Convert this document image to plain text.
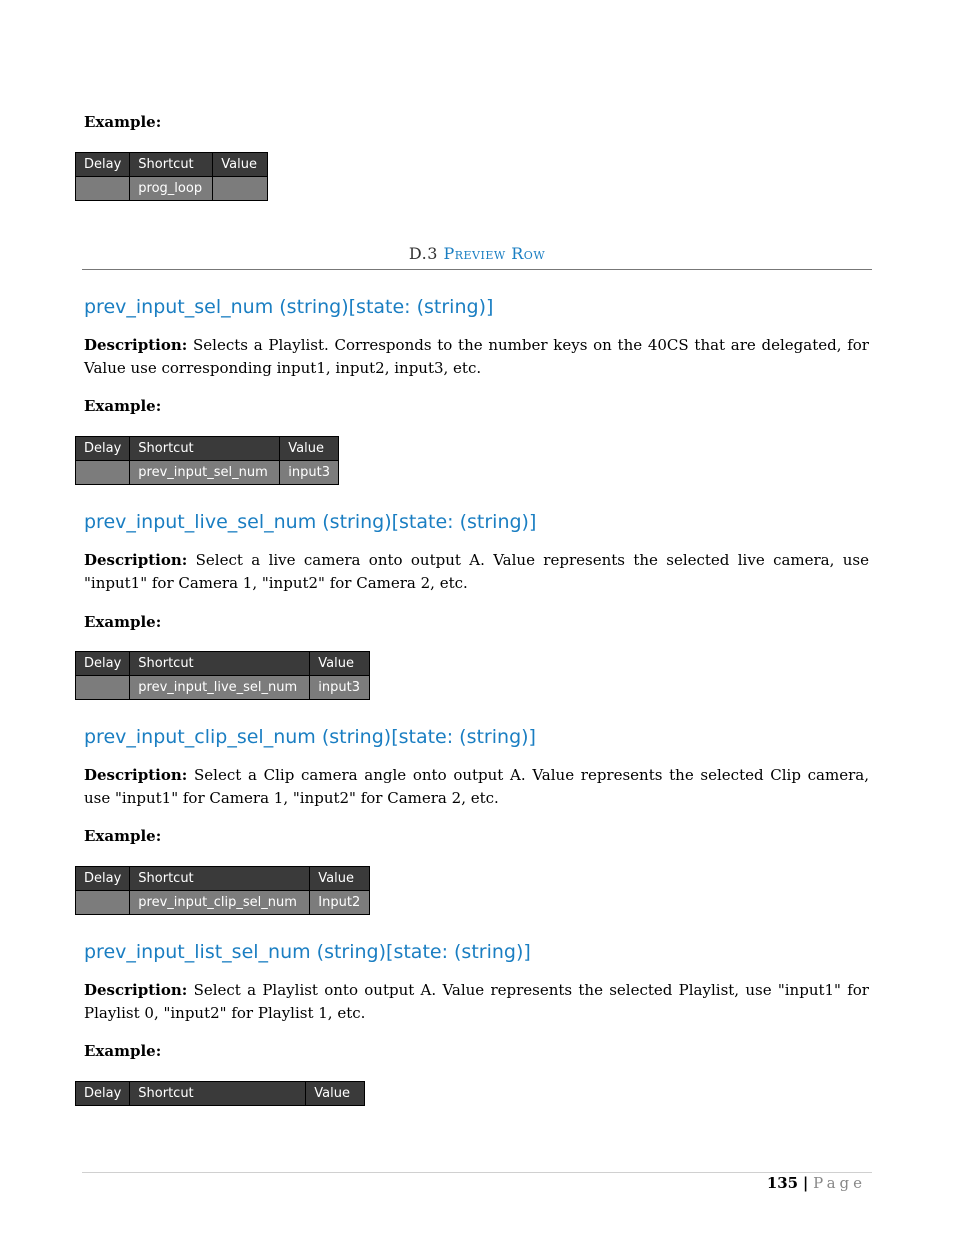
Example:
Delay	Shortcut	Value
	prog_loop	
D.3 Preview Row
prev_input_sel_num (string)[state: (string)]
Description: Selects a Playlist. Corresponds to the number keys on the 40CS that are delegated, for Value use corresponding input1, input2, input3, etc.
Example:
Delay	Shortcut	Value
	prev_input_sel_num	input3
prev_input_live_sel_num (string)[state: (string)]
Description: Select a live camera onto output A. Value represents the selected live camera, use "input1" for Camera 1, "input2" for Camera 2, etc.
Example:
Delay	Shortcut	Value
	prev_input_live_sel_num	input3
prev_input_clip_sel_num (string)[state: (string)]
Description: Select a Clip camera angle onto output A. Value represents the selected Clip camera, use "input1" for Camera 1, "input2" for Camera 2, etc.
Example:
Delay	Shortcut	Value
	prev_input_clip_sel_num	Input2
prev_input_list_sel_num (string)[state: (string)]
Description: Select a Playlist onto output A. Value represents the selected Playlist, use "input1" for Playlist 0, "input2" for Playlist 1, etc.
Example:
Delay	Shortcut	Value
135 | Page
